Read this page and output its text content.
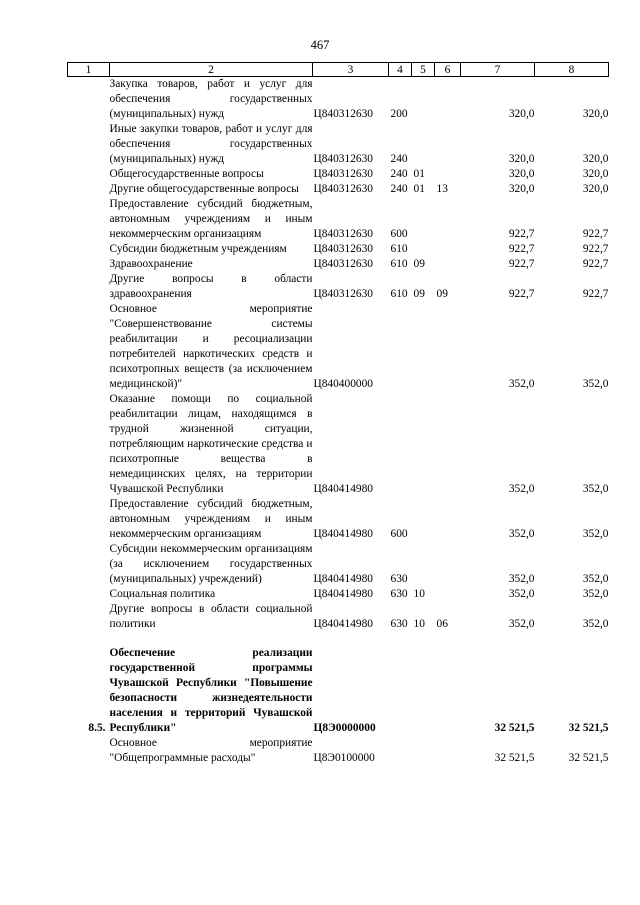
467
1	2	3	4	5	6	7	8
	Закупка товаров, работ и услуг для обеспечения государственных (муниципальных) нужд	Ц840312630	200			320,0	320,0
	Иные закупки товаров, работ и услуг для обеспечения государственных (муниципальных) нужд	Ц840312630	240			320,0	320,0
	Общегосударственные вопросы	Ц840312630	240	01		320,0	320,0
	Другие общегосударственные вопросы	Ц840312630	240	01	13	320,0	320,0
	Предоставление субсидий бюджетным, автономным учреждениям и иным некоммерческим организациям	Ц840312630	600			922,7	922,7
	Субсидии бюджетным учреждениям	Ц840312630	610			922,7	922,7
	Здравоохранение	Ц840312630	610	09		922,7	922,7
	Другие вопросы в области здравоохранения	Ц840312630	610	09	09	922,7	922,7
	Основное мероприятие "Совершенствование системы реабилитации и ресоциализации потребителей наркотических средств и психотропных веществ (за исключением медицинской)"	Ц840400000				352,0	352,0
	Оказание помощи по социальной реабилитации лицам, находящимся в трудной жизненной ситуации, потребляющим наркотические средства и психотропные вещества в немедицинских целях, на территории Чувашской Республики	Ц840414980				352,0	352,0
	Предоставление субсидий бюджетным, автономным учреждениям и иным некоммерческим организациям	Ц840414980	600			352,0	352,0
	Субсидии некоммерческим организациям (за исключением государственных (муниципальных) учреждений)	Ц840414980	630			352,0	352,0
	Социальная политика	Ц840414980	630	10		352,0	352,0
	Другие вопросы в области социальной политики	Ц840414980	630	10	06	352,0	352,0

8.5.	Обеспечение реализации государственной программы Чувашской Республики "Повышение безопасности жизнедеятельности населения и территорий Чувашской Республики"	Ц8Э0000000				32 521,5	32 521,5
	Основное мероприятие "Общепрограммные расходы"	Ц8Э0100000				32 521,5	32 521,5
